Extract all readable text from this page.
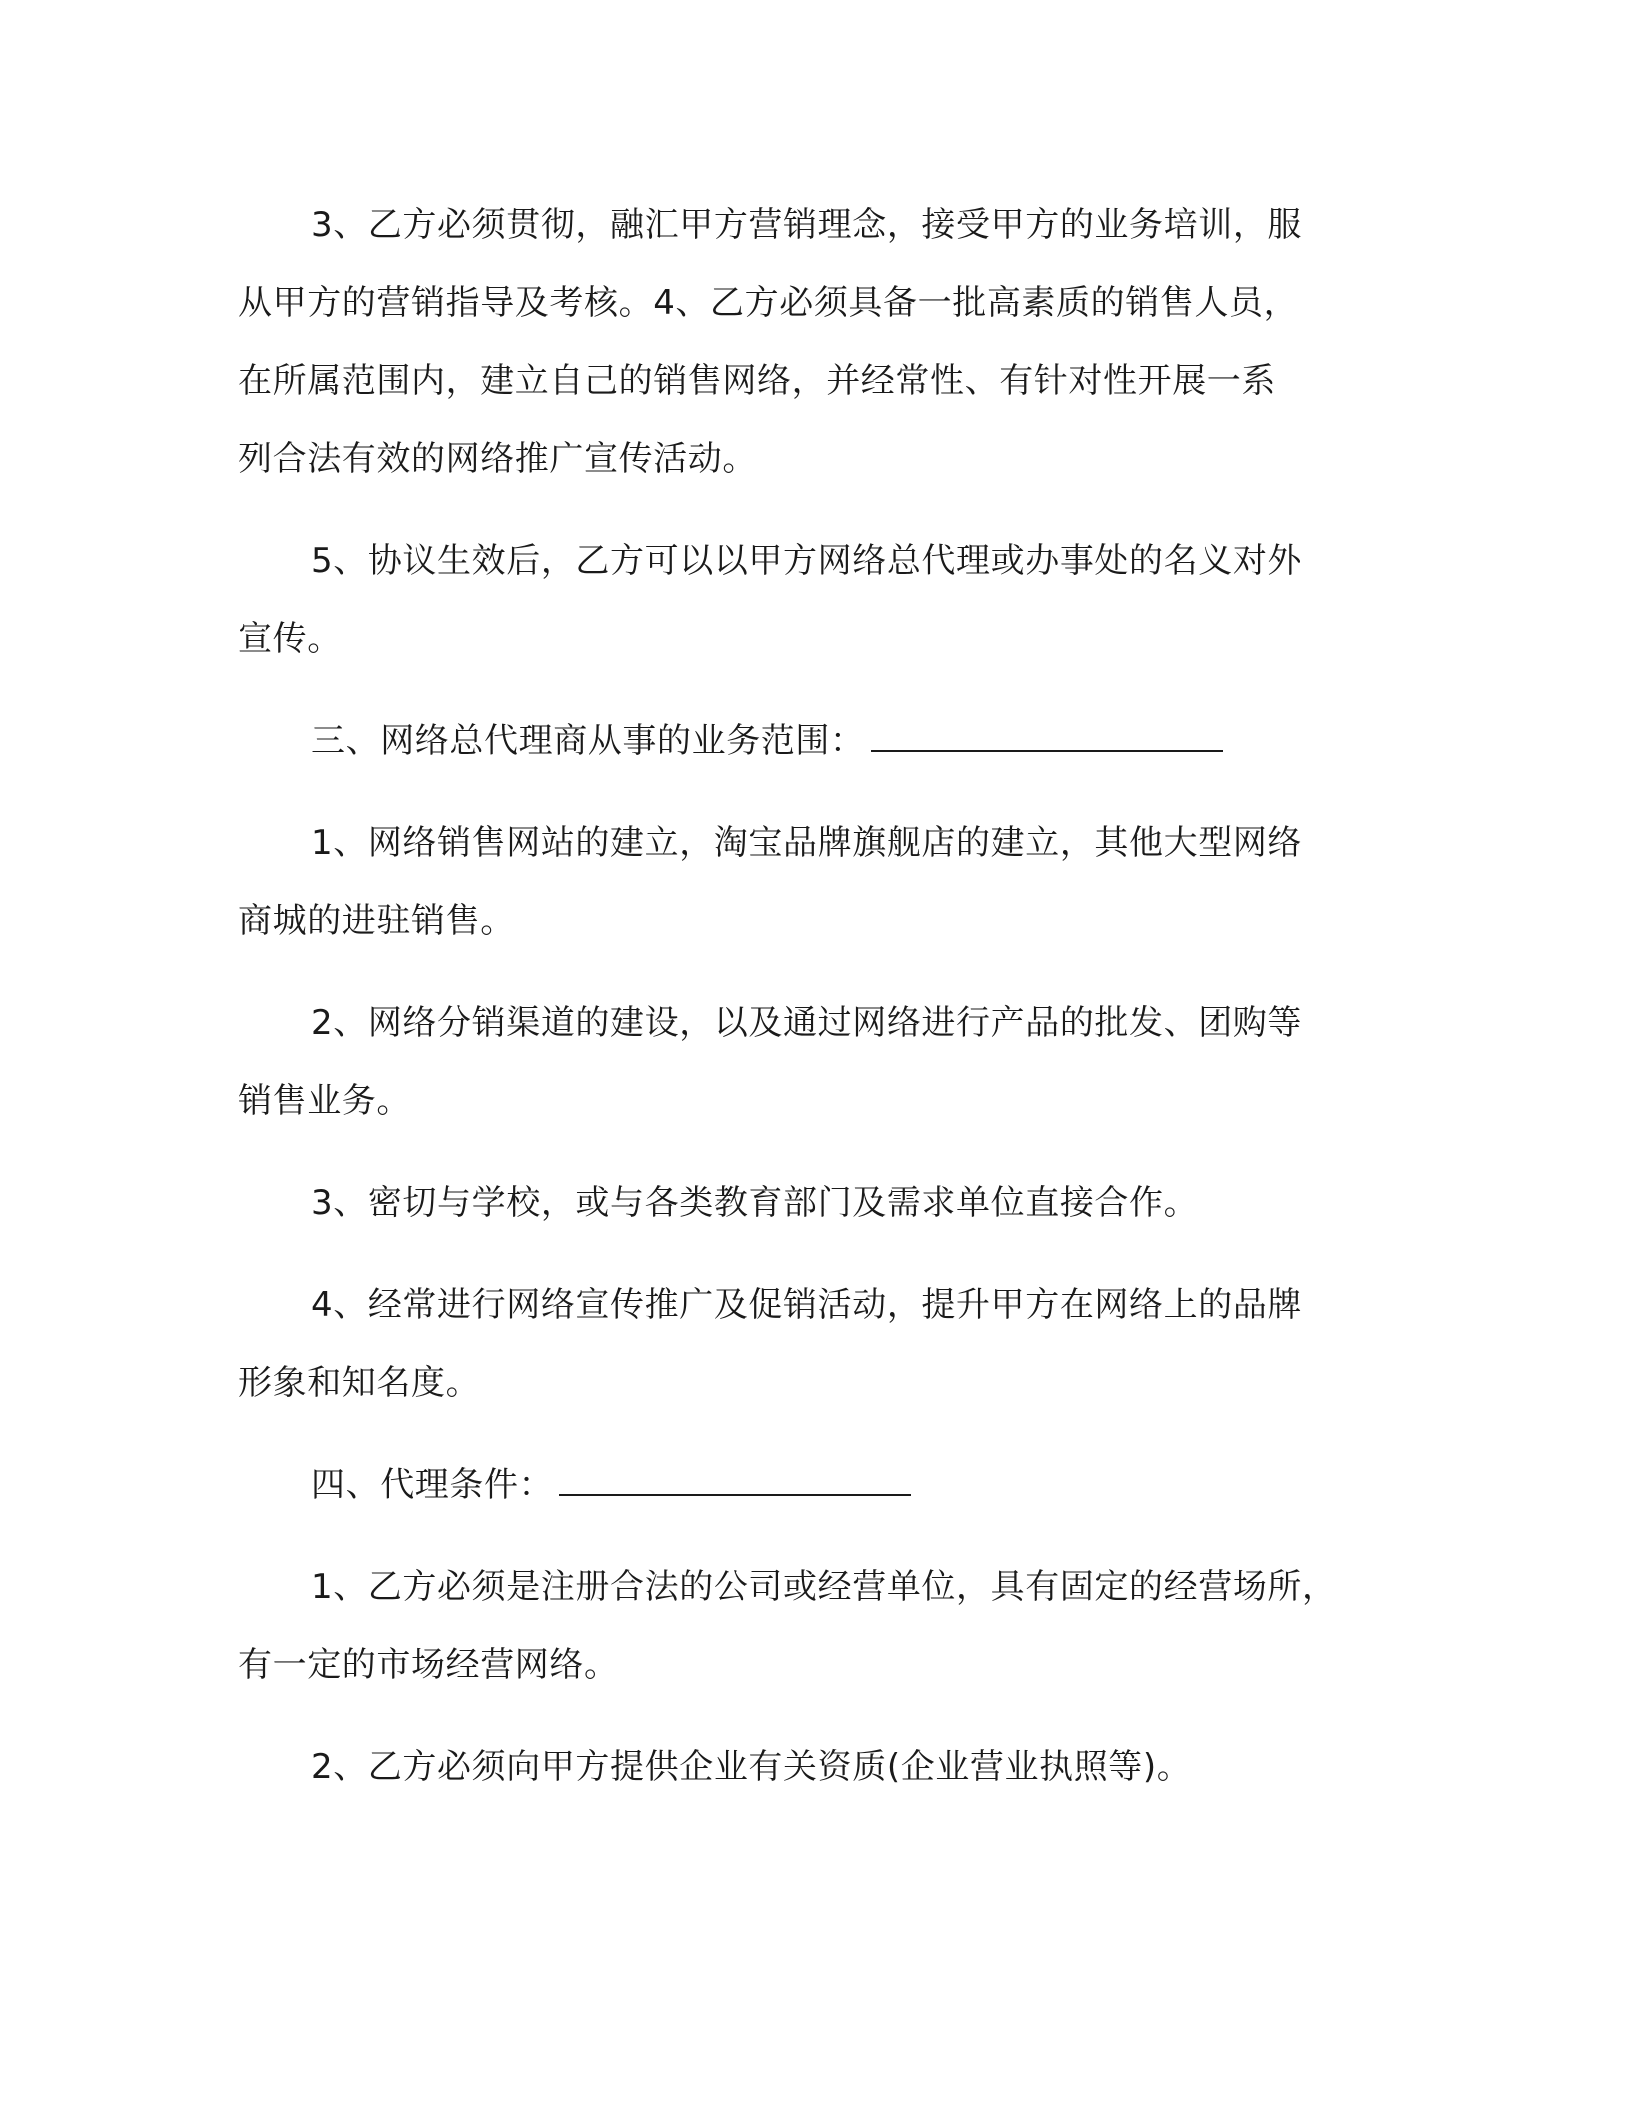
3、乙方必须贯彻，融汇甲方营销理念，接受甲方的业务培训，服
从甲方的营销指导及考核。4、乙方必须具备一批高素质的销售人员，
在所属范围内，建立自己的销售网络，并经常性、有针对性开展一系
列合法有效的网络推广宣传活动。
5、协议生效后，乙方可以以甲方网络总代理或办事处的名义对外
宣传。
三、网络总代理商从事的业务范围：
1、网络销售网站的建立，淘宝品牌旗舰店的建立，其他大型网络
商城的进驻销售。
2、网络分销渠道的建设，以及通过网络进行产品的批发、团购等
销售业务。
3、密切与学校，或与各类教育部门及需求单位直接合作。
4、经常进行网络宣传推广及促销活动，提升甲方在网络上的品牌
形象和知名度。
四、代理条件：
1、乙方必须是注册合法的公司或经营单位，具有固定的经营场所，
有一定的市场经营网络。
2、乙方必须向甲方提供企业有关资质(企业营业执照等)。
